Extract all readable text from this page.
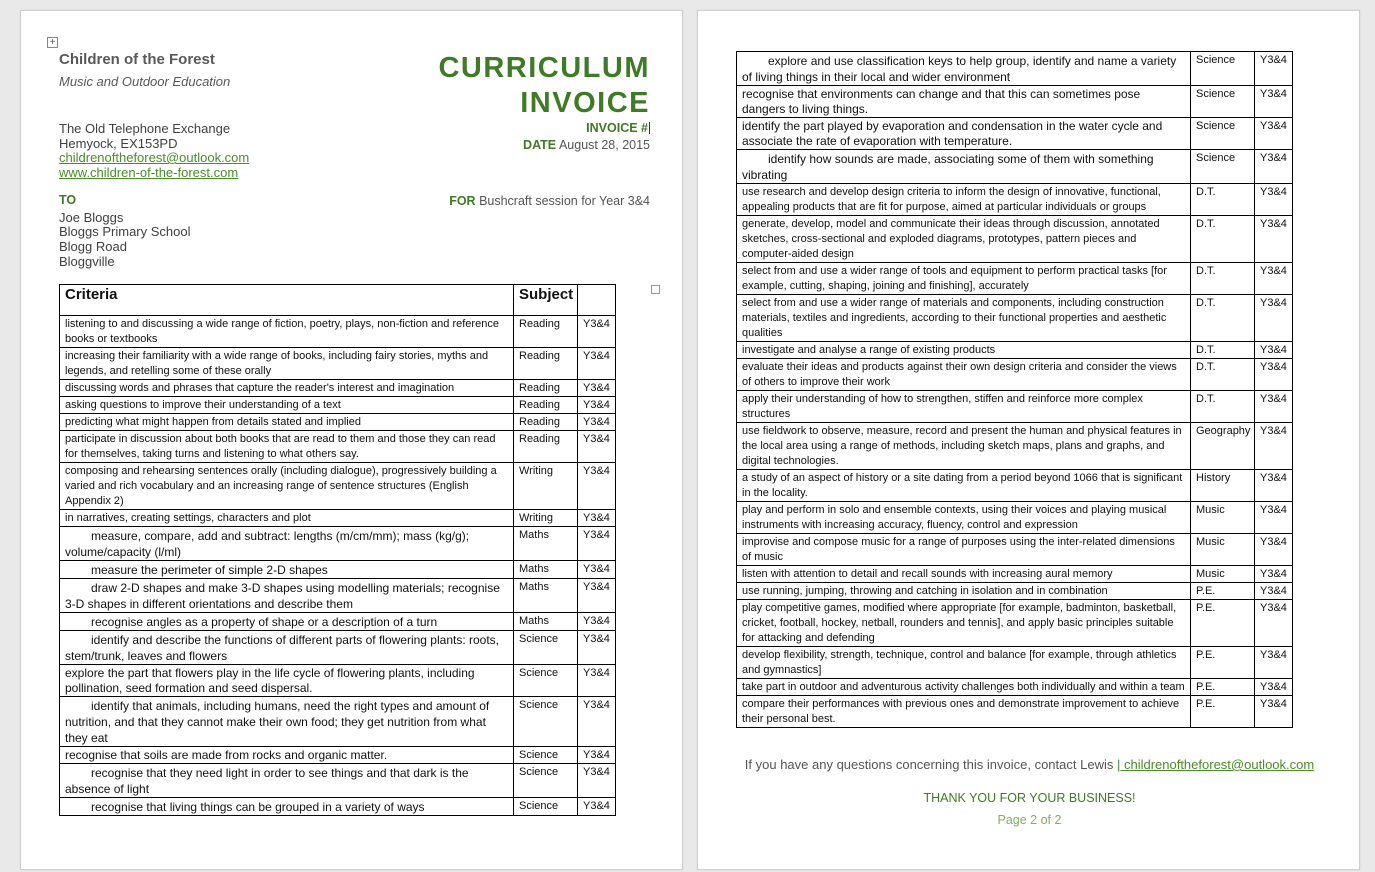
+
Children of the Forest
Music and Outdoor Education
The Old Telephone Exchange
Hemyock, EX153PD
childrenoftheforest@outlook.com
www.children-of-the-forest.com
CURRICULUM
INVOICE
INVOICE #
DATE August 28, 2015
TO
Joe Bloggs
Bloggs Primary School
Blogg Road
Bloggville
FOR Bushcraft session for Year 3&4
Criteria	Subject	
listening to and discussing a wide range of fiction, poetry, plays, non-fiction and reference books or textbooks	Reading	Y3&4
increasing their familiarity with a wide range of books, including fairy stories, myths and legends, and retelling some of these orally	Reading	Y3&4
discussing words and phrases that capture the reader's interest and imagination	Reading	Y3&4
asking questions to improve their understanding of a text	Reading	Y3&4
predicting what might happen from details stated and implied	Reading	Y3&4
participate in discussion about both books that are read to them and those they can read for themselves, taking turns and listening to what others say.	Reading	Y3&4
composing and rehearsing sentences orally (including dialogue), progressively building a varied and rich vocabulary and an increasing range of sentence structures (English Appendix 2)	Writing	Y3&4
in narratives, creating settings, characters and plot	Writing	Y3&4
measure, compare, add and subtract: lengths (m/cm/mm); mass (kg/g); volume/capacity (l/ml)	Maths	Y3&4
measure the perimeter of simple 2-D shapes	Maths	Y3&4
draw 2-D shapes and make 3-D shapes using modelling materials; recognise 3-D shapes in different orientations and describe them	Maths	Y3&4
recognise angles as a property of shape or a description of a turn	Maths	Y3&4
identify and describe the functions of different parts of flowering plants: roots, stem/trunk, leaves and flowers	Science	Y3&4
explore the part that flowers play in the life cycle of flowering plants, including pollination, seed formation and seed dispersal.	Science	Y3&4
identify that animals, including humans, need the right types and amount of nutrition, and that they cannot make their own food; they get nutrition from what they eat	Science	Y3&4
recognise that soils are made from rocks and organic matter.	Science	Y3&4
recognise that they need light in order to see things and that dark is the absence of light	Science	Y3&4
recognise that living things can be grouped in a variety of ways	Science	Y3&4
explore and use classification keys to help group, identify and name a variety of living things in their local and wider environment	Science	Y3&4
recognise that environments can change and that this can sometimes pose dangers to living things.	Science	Y3&4
identify the part played by evaporation and condensation in the water cycle and associate the rate of evaporation with temperature.	Science	Y3&4
identify how sounds are made, associating some of them with something vibrating	Science	Y3&4
use research and develop design criteria to inform the design of innovative, functional, appealing products that are fit for purpose, aimed at particular individuals or groups	D.T.	Y3&4
generate, develop, model and communicate their ideas through discussion, annotated sketches, cross-sectional and exploded diagrams, prototypes, pattern pieces and computer-aided design	D.T.	Y3&4
select from and use a wider range of tools and equipment to perform practical tasks [for example, cutting, shaping, joining and finishing], accurately	D.T.	Y3&4
select from and use a wider range of materials and components, including construction materials, textiles and ingredients, according to their functional properties and aesthetic qualities	D.T.	Y3&4
investigate and analyse a range of existing products	D.T.	Y3&4
evaluate their ideas and products against their own design criteria and consider the views of others to improve their work	D.T.	Y3&4
apply their understanding of how to strengthen, stiffen and reinforce more complex structures	D.T.	Y3&4
use fieldwork to observe, measure, record and present the human and physical features in the local area using a range of methods, including sketch maps, plans and graphs, and digital technologies.	Geography	Y3&4
a study of an aspect of history or a site dating from a period beyond 1066 that is significant in the locality.	History	Y3&4
play and perform in solo and ensemble contexts, using their voices and playing musical instruments with increasing accuracy, fluency, control and expression	Music	Y3&4
improvise and compose music for a range of purposes using the inter-related dimensions of music	Music	Y3&4
listen with attention to detail and recall sounds with increasing aural memory	Music	Y3&4
use running, jumping, throwing and catching in isolation and in combination	P.E.	Y3&4
play competitive games, modified where appropriate [for example, badminton, basketball, cricket, football, hockey, netball, rounders and tennis], and apply basic principles suitable for attacking and defending	P.E.	Y3&4
develop flexibility, strength, technique, control and balance [for example, through athletics and gymnastics]	P.E.	Y3&4
take part in outdoor and adventurous activity challenges both individually and within a team	P.E.	Y3&4
compare their performances with previous ones and demonstrate improvement to achieve their personal best.	P.E.	Y3&4
If you have any questions concerning this invoice, contact Lewis | childrenoftheforest@outlook.com
THANK YOU FOR YOUR BUSINESS!
Page 2 of 2
